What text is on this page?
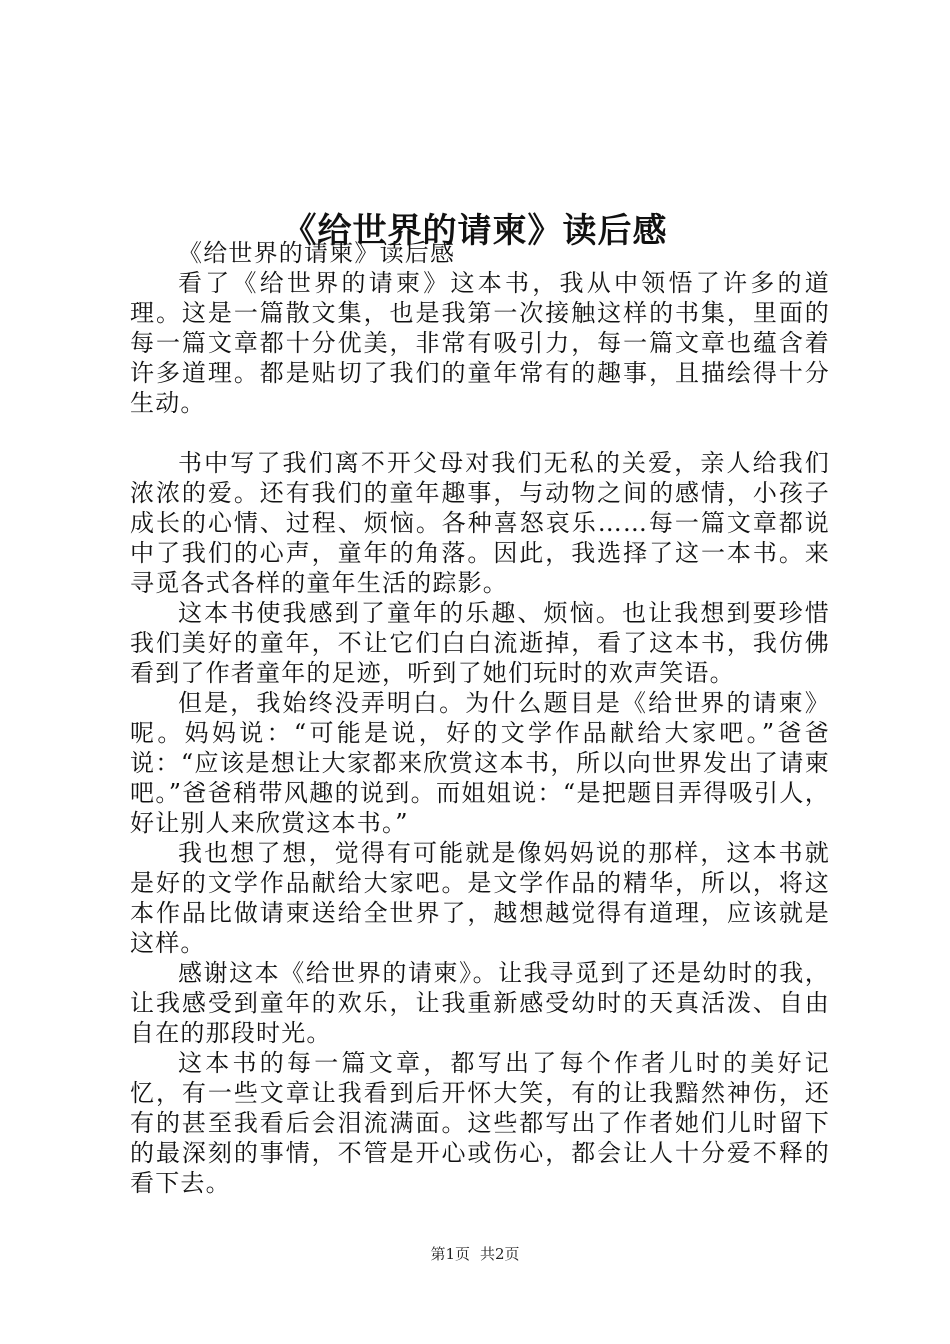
《给世界的请柬》读后感

《给世界的请柬》读后感

看了《给世界的请柬》这本书，我从中领悟了许多的道理。这是一篇散文集，也是我第一次接触这样的书集，里面的每一篇文章都十分优美，非常有吸引力，每一篇文章也蕴含着许多道理。都是贴切了我们的童年常有的趣事，且描绘得十分生动。

书中写了我们离不开父母对我们无私的关爱，亲人给我们浓浓的爱。还有我们的童年趣事，与动物之间的感情，小孩子成长的心情、过程、烦恼。各种喜怒哀乐……每一篇文章都说中了我们的心声，童年的角落。因此，我选择了这一本书。来寻觅各式各样的童年生活的踪影。

这本书使我感到了童年的乐趣、烦恼。也让我想到要珍惜我们美好的童年，不让它们白白流逝掉，看了这本书，我仿佛看到了作者童年的足迹，听到了她们玩时的欢声笑语。

但是，我始终没弄明白。为什么题目是《给世界的请柬》呢。妈妈说：“可能是说，好的文学作品献给大家吧。”爸爸说：“应该是想让大家都来欣赏这本书，所以向世界发出了请柬吧。”爸爸稍带风趣的说到。而姐姐说：“是把题目弄得吸引人，好让别人来欣赏这本书。”

我也想了想，觉得有可能就是像妈妈说的那样，这本书就是好的文学作品献给大家吧。是文学作品的精华，所以，将这本作品比做请柬送给全世界了，越想越觉得有道理，应该就是这样。

感谢这本《给世界的请柬》。让我寻觅到了还是幼时的我，让我感受到童年的欢乐，让我重新感受幼时的天真活泼、自由自在的那段时光。

这本书的每一篇文章，都写出了每个作者儿时的美好记忆，有一些文章让我看到后开怀大笑，有的让我黯然神伤，还有的甚至我看后会泪流满面。这些都写出了作者她们儿时留下的最深刻的事情，不管是开心或伤心，都会让人十分爱不释的看下去。

第1页 共2页
